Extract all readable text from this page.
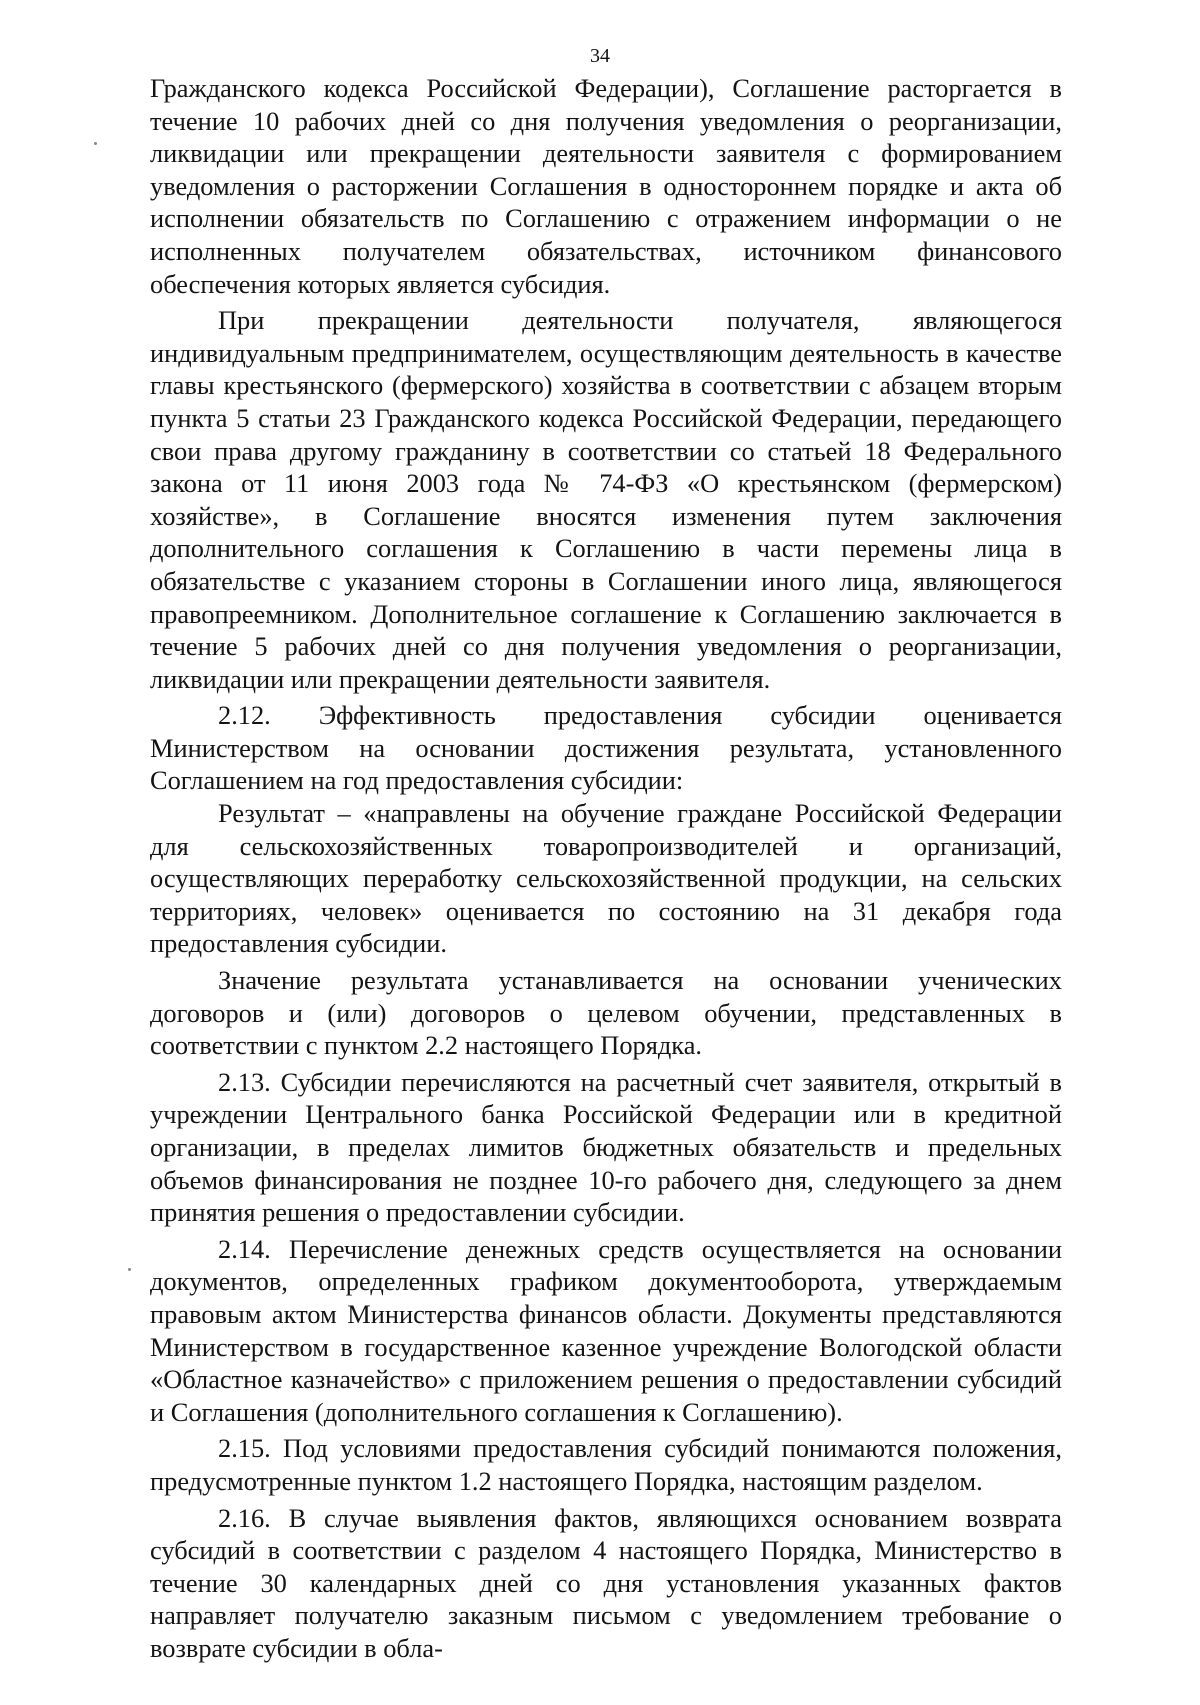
34

Гражданского кодекса Российской Федерации), Соглашение расторгается в течение 10 рабочих дней со дня получения уведомления о реорганизации, ликвидации или прекращении деятельности заявителя с формированием уведомления о расторжении Соглашения в одностороннем порядке и акта об исполнении обязательств по Соглашению с отражением информации о не исполненных получателем обязательствах, источником финансового обеспечения которых является субсидия.

При прекращении деятельности получателя, являющегося индивидуальным предпринимателем, осуществляющим деятельность в качестве главы крестьянского (фермерского) хозяйства в соответствии с абзацем вторым пункта 5 статьи 23 Гражданского кодекса Российской Федерации, передающего свои права другому гражданину в соответствии со статьей 18 Федерального закона от 11 июня 2003 года № 74-ФЗ «О крестьянском (фермерском) хозяйстве», в Соглашение вносятся изменения путем заключения дополнительного соглашения к Соглашению в части перемены лица в обязательстве с указанием стороны в Соглашении иного лица, являющегося правопреемником. Дополнительное соглашение к Соглашению заключается в течение 5 рабочих дней со дня получения уведомления о реорганизации, ликвидации или прекращении деятельности заявителя.

2.12. Эффективность предоставления субсидии оценивается Министерством на основании достижения результата, установленного Соглашением на год предоставления субсидии:

Результат – «направлены на обучение граждане Российской Федерации для сельскохозяйственных товаропроизводителей и организаций, осуществляющих переработку сельскохозяйственной продукции, на сельских территориях, человек» оценивается по состоянию на 31 декабря года предоставления субсидии.

Значение результата устанавливается на основании ученических договоров и (или) договоров о целевом обучении, представленных в соответствии с пунктом 2.2 настоящего Порядка.

2.13. Субсидии перечисляются на расчетный счет заявителя, открытый в учреждении Центрального банка Российской Федерации или в кредитной организации, в пределах лимитов бюджетных обязательств и предельных объемов финансирования не позднее 10-го рабочего дня, следующего за днем принятия решения о предоставлении субсидии.

2.14. Перечисление денежных средств осуществляется на основании документов, определенных графиком документооборота, утверждаемым правовым актом Министерства финансов области. Документы представляются Министерством в государственное казенное учреждение Вологодской области «Областное казначейство» с приложением решения о предоставлении субсидий и Соглашения (дополнительного соглашения к Соглашению).

2.15. Под условиями предоставления субсидий понимаются положения, предусмотренные пунктом 1.2 настоящего Порядка, настоящим разделом.

2.16. В случае выявления фактов, являющихся основанием возврата субсидий в соответствии с разделом 4 настоящего Порядка, Министерство в течение 30 календарных дней со дня установления указанных фактов направляет получателю заказным письмом с уведомлением требование о возврате субсидии в обла-
